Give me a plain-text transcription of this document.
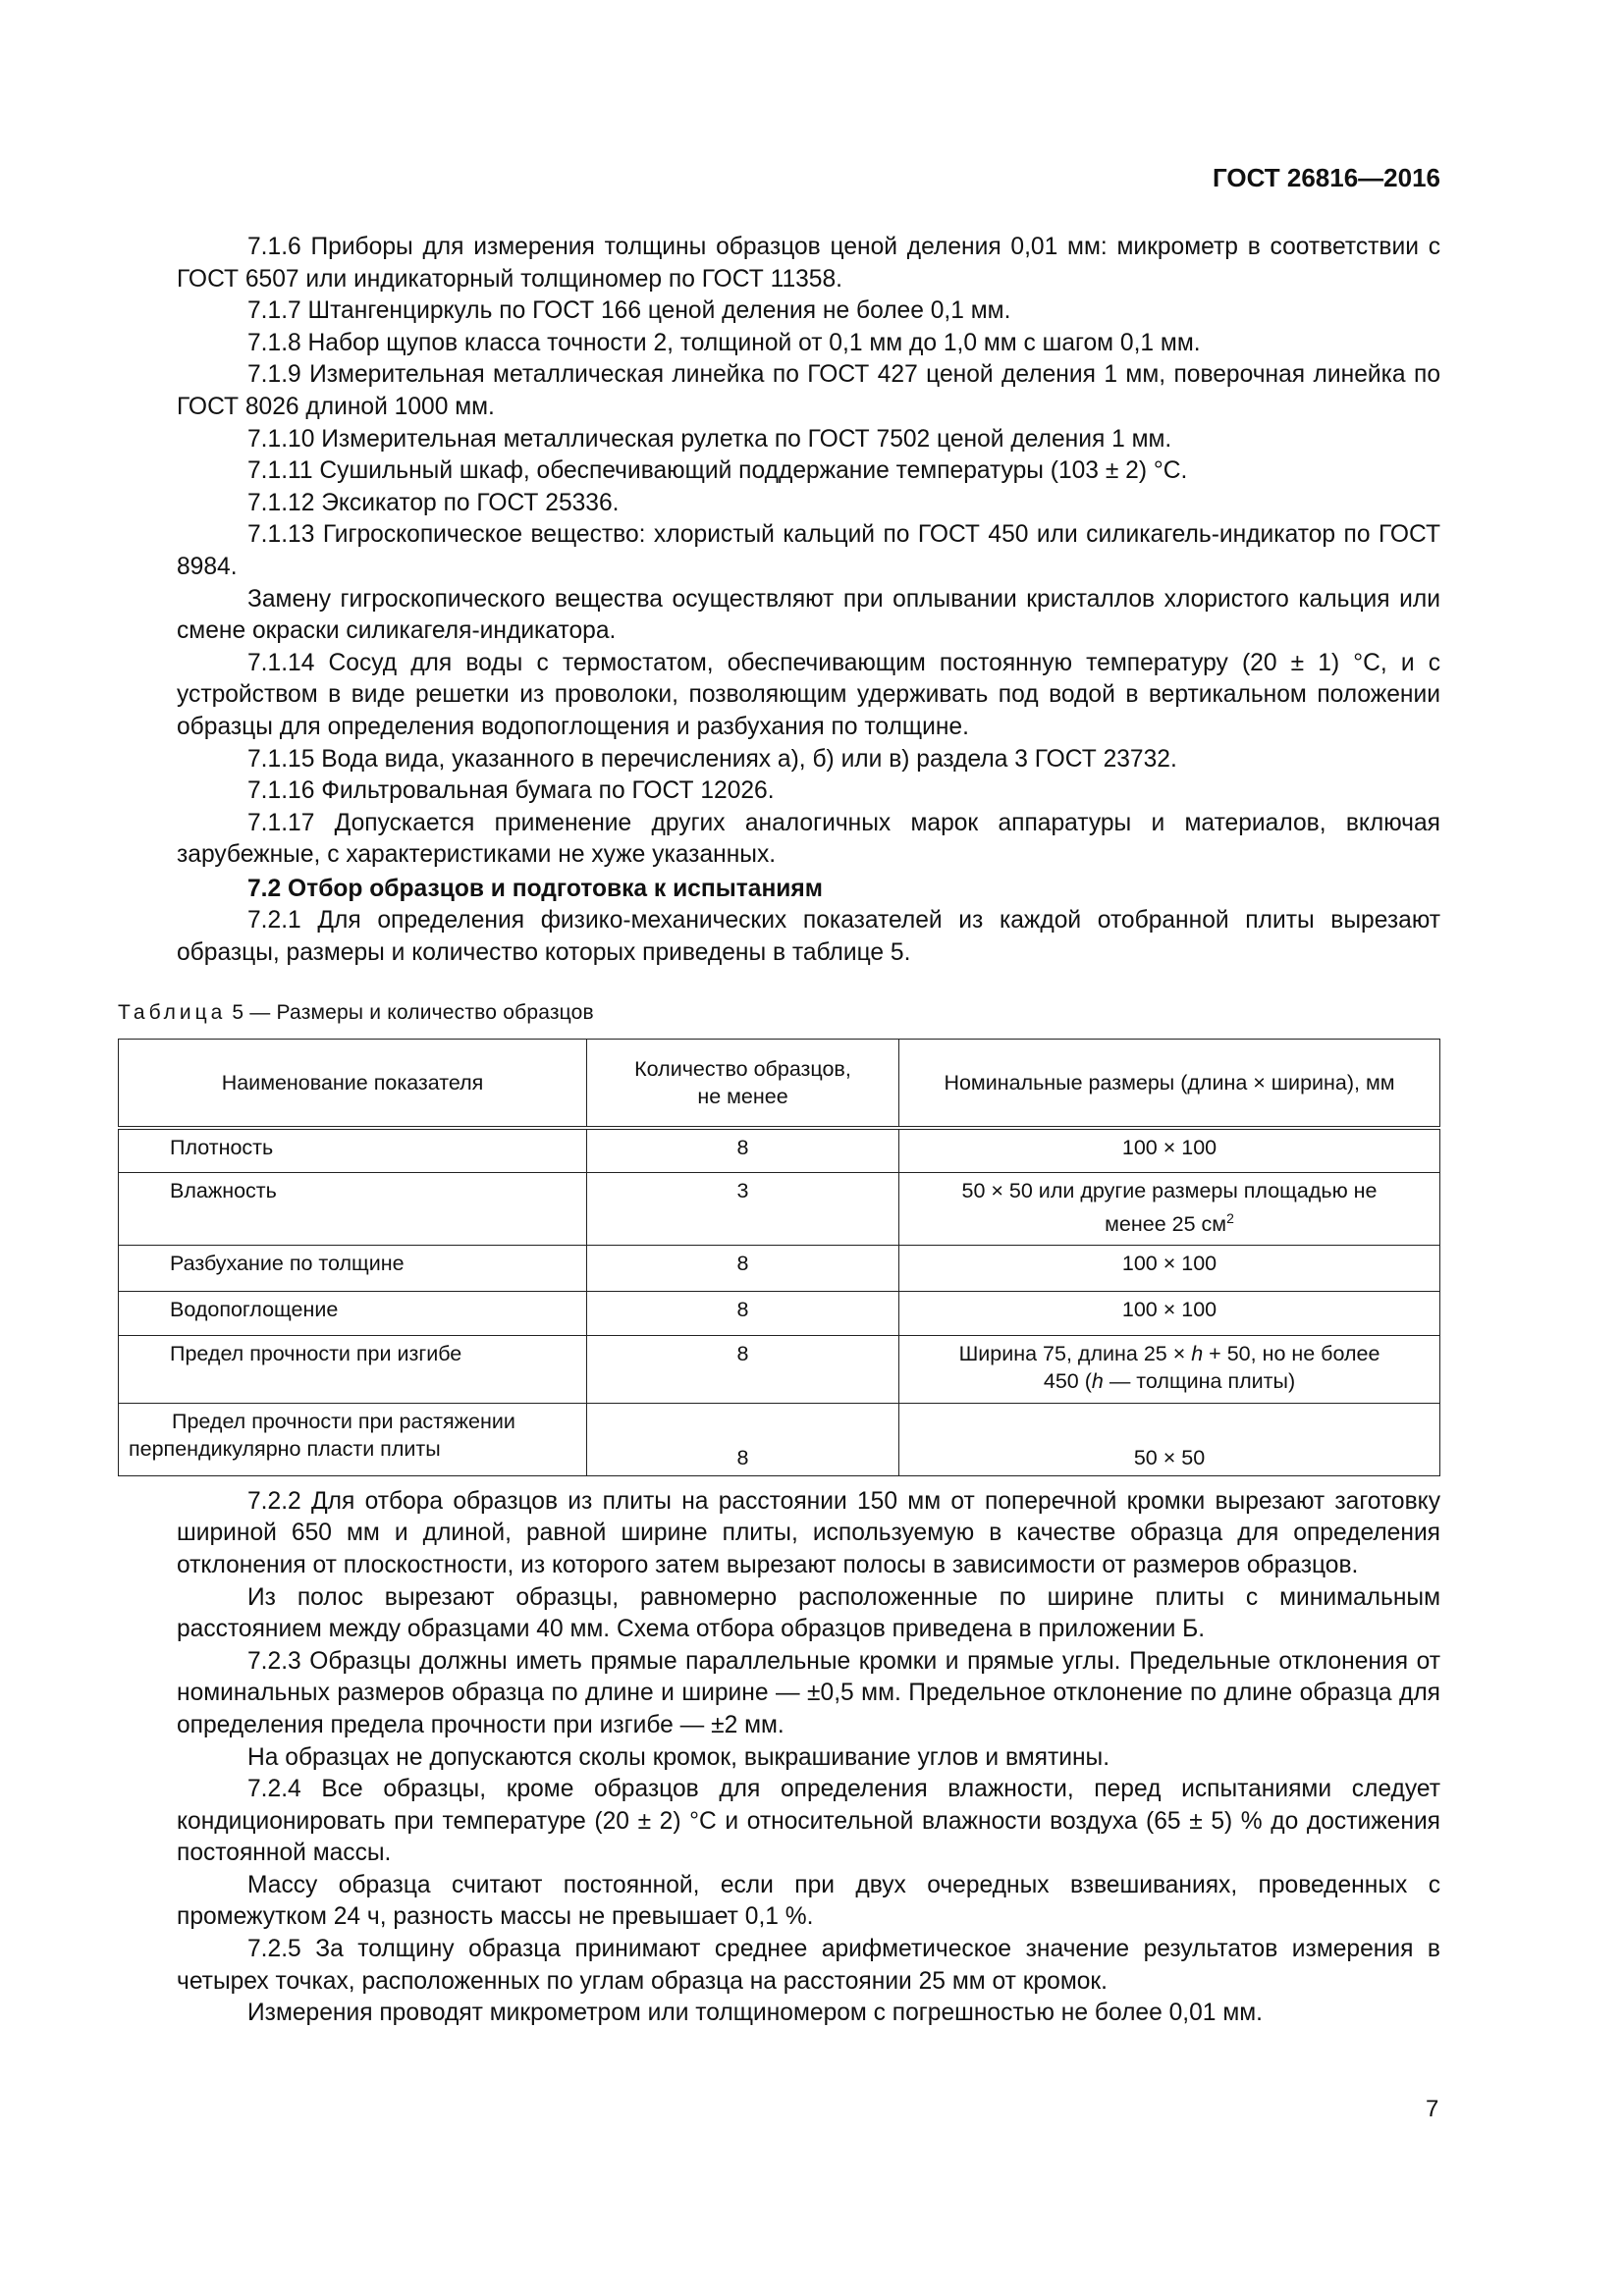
ГОСТ 26816—2016

7.1.6 Приборы для измерения толщины образцов ценой деления 0,01 мм: микрометр в соответствии с ГОСТ 6507 или индикаторный толщиномер по ГОСТ 11358.

7.1.7 Штангенциркуль по ГОСТ 166 ценой деления не более 0,1 мм.

7.1.8 Набор щупов класса точности 2, толщиной от 0,1 мм до 1,0 мм с шагом 0,1 мм.

7.1.9 Измерительная металлическая линейка по ГОСТ 427 ценой деления 1 мм, поверочная линейка по ГОСТ 8026 длиной 1000 мм.

7.1.10 Измерительная металлическая рулетка по ГОСТ 7502 ценой деления 1 мм.

7.1.11 Сушильный шкаф, обеспечивающий поддержание температуры (103 ± 2) °С.

7.1.12 Эксикатор по ГОСТ 25336.

7.1.13 Гигроскопическое вещество: хлористый кальций по ГОСТ 450 или силикагель-индикатор по ГОСТ 8984.

Замену гигроскопического вещества осуществляют при оплывании кристаллов хлористого кальция или смене окраски силикагеля-индикатора.

7.1.14 Сосуд для воды с термостатом, обеспечивающим постоянную температуру (20 ± 1) °С, и с устройством в виде решетки из проволоки, позволяющим удерживать под водой в вертикальном положении образцы для определения водопоглощения и разбухания по толщине.

7.1.15 Вода вида, указанного в перечислениях а), б) или в) раздела 3 ГОСТ 23732.

7.1.16 Фильтровальная бумага по ГОСТ 12026.

7.1.17 Допускается применение других аналогичных марок аппаратуры и материалов, включая зарубежные, с характеристиками не хуже указанных.

7.2 Отбор образцов и подготовка к испытаниям

7.2.1 Для определения физико-механических показателей из каждой отобранной плиты вырезают образцы, размеры и количество которых приведены в таблице 5.

Таблица 5 — Размеры и количество образцов
Наименование показателя	Количество образцов, не менее	Номинальные размеры (длина × ширина), мм
Плотность	8	100 × 100
Влажность	3	50 × 50 или другие размеры площадью не менее 25 $см^2$
Разбухание по толщине	8	100 × 100
Водопоглощение	8	100 × 100
Предел прочности при изгибе	8	Ширина 75, длина 25 × h + 50, но не более 450 (h — толщина плиты)
Предел прочности при растяжении перпендикулярно пласти плиты	8	50 × 50

7.2.2 Для отбора образцов из плиты на расстоянии 150 мм от поперечной кромки вырезают заготовку шириной 650 мм и длиной, равной ширине плиты, используемую в качестве образца для определения отклонения от плоскостности, из которого затем вырезают полосы в зависимости от размеров образцов.

Из полос вырезают образцы, равномерно расположенные по ширине плиты с минимальным расстоянием между образцами 40 мм. Схема отбора образцов приведена в приложении Б.

7.2.3 Образцы должны иметь прямые параллельные кромки и прямые углы. Предельные отклонения от номинальных размеров образца по длине и ширине — ±0,5 мм. Предельное отклонение по длине образца для определения предела прочности при изгибе — ±2 мм.

На образцах не допускаются сколы кромок, выкрашивание углов и вмятины.

7.2.4 Все образцы, кроме образцов для определения влажности, перед испытаниями следует кондиционировать при температуре (20 ± 2) °С и относительной влажности воздуха (65 ± 5) % до достижения постоянной массы.

Массу образца считают постоянной, если при двух очередных взвешиваниях, проведенных с промежутком 24 ч, разность массы не превышает 0,1 %.

7.2.5 За толщину образца принимают среднее арифметическое значение результатов измерения в четырех точках, расположенных по углам образца на расстоянии 25 мм от кромок.

Измерения проводят микрометром или толщиномером с погрешностью не более 0,01 мм.

7
